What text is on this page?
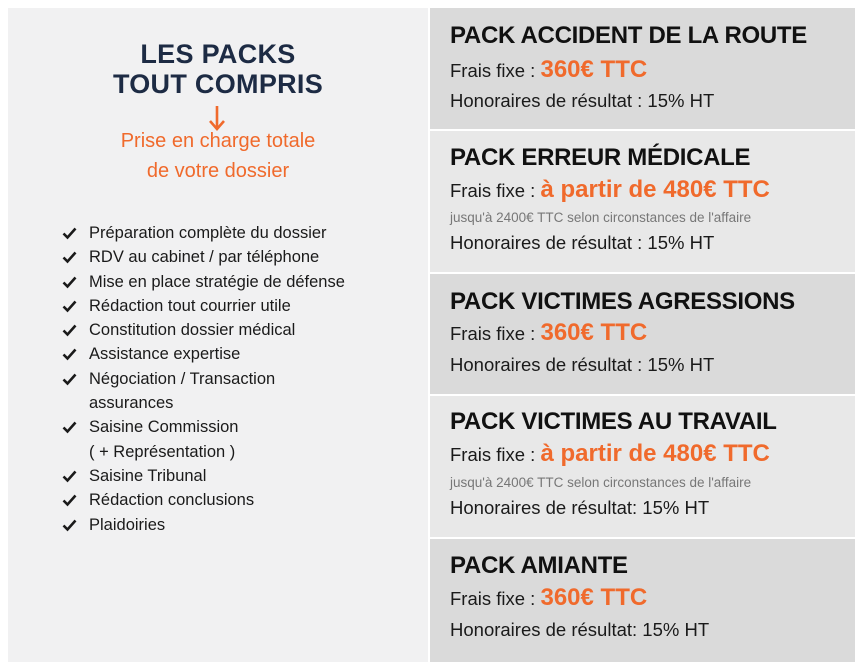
LES PACKS
TOUT COMPRIS
Prise en charge totale
de votre dossier
Préparation complète du dossier
RDV au cabinet / par téléphone
Mise en place stratégie de défense
Rédaction tout courrier utile
Constitution dossier médical
Assistance expertise
Négociation / Transaction
assurances
Saisine Commission
( + Représentation )
Saisine Tribunal
Rédaction conclusions
Plaidoiries
PACK ACCIDENT DE LA ROUTE
Frais fixe : 360€ TTC
Honoraires de résultat : 15% HT
PACK ERREUR MÉDICALE
Frais fixe : à partir de 480€ TTC
jusqu'à 2400€ TTC selon circonstances de l'affaire
Honoraires de résultat : 15% HT
PACK VICTIMES AGRESSIONS
Frais fixe : 360€ TTC
Honoraires de résultat : 15% HT
PACK VICTIMES AU TRAVAIL
Frais fixe : à partir de 480€ TTC
jusqu'à 2400€ TTC selon circonstances de l'affaire
Honoraires de résultat: 15% HT
PACK AMIANTE
Frais fixe : 360€ TTC
Honoraires de résultat: 15% HT
